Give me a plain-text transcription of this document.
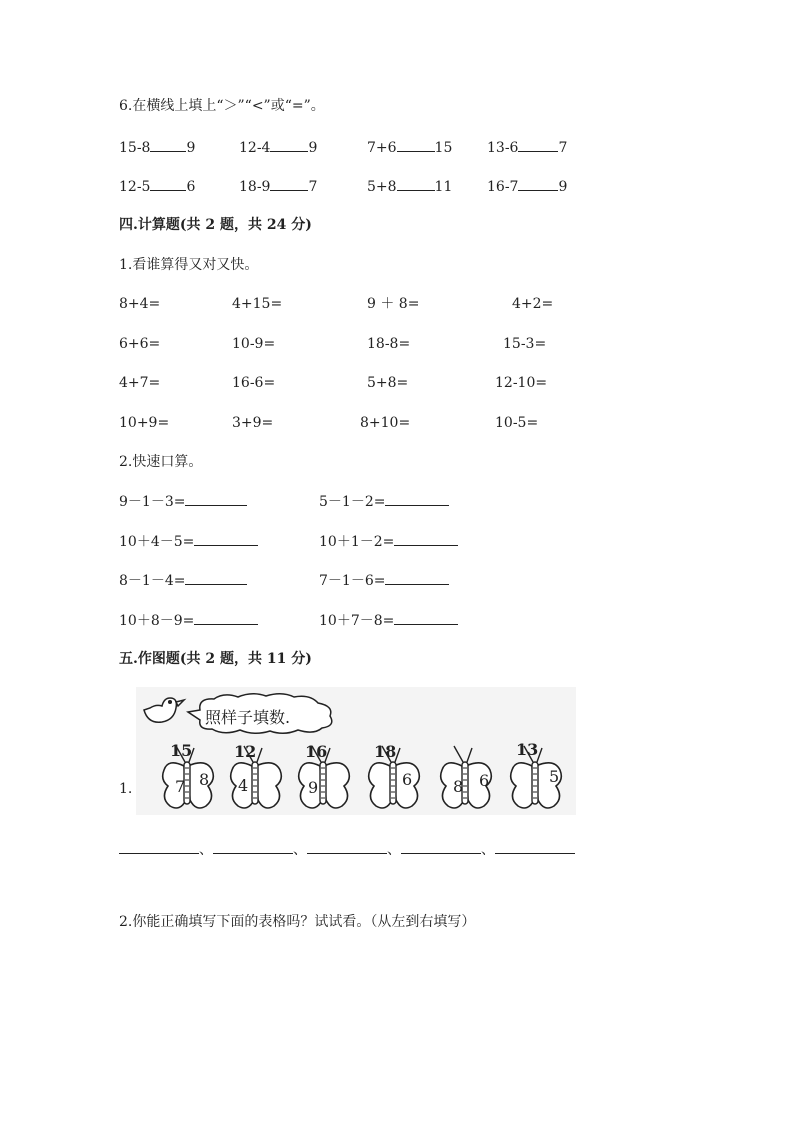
6.在横线上填上“＞”“<”或“=”。
15-8	9	12-4	9	7+6	15 13-6	7
12-5	6	18-9	7	5+8	11 16-7	9
四.计算题(共 2 题，共 24 分)
1.看谁算得又对又快。
8+4=	4+15=	9 ＋ 8=	4+2=
6+6=	10-9=	18-8=	15-3=
4+7=	16-6=	5+8=	12-10=
10+9=	3+9=	8+10=	10-5=
2.快速口算。
9－1－3=	5－1－2=
10＋4－5=	10＋1－2=
8－1－4=	7－1－6=
10＋8－9=	10＋7－8=
五.作图题(共 2 题，共 11 分)
照样子填数.
1.
15
7 8
12
4
16
9
18
6	8 6
13
5
、	、	、	、
2.你能正确填写下面的表格吗？试试看。（从左到右填写）
